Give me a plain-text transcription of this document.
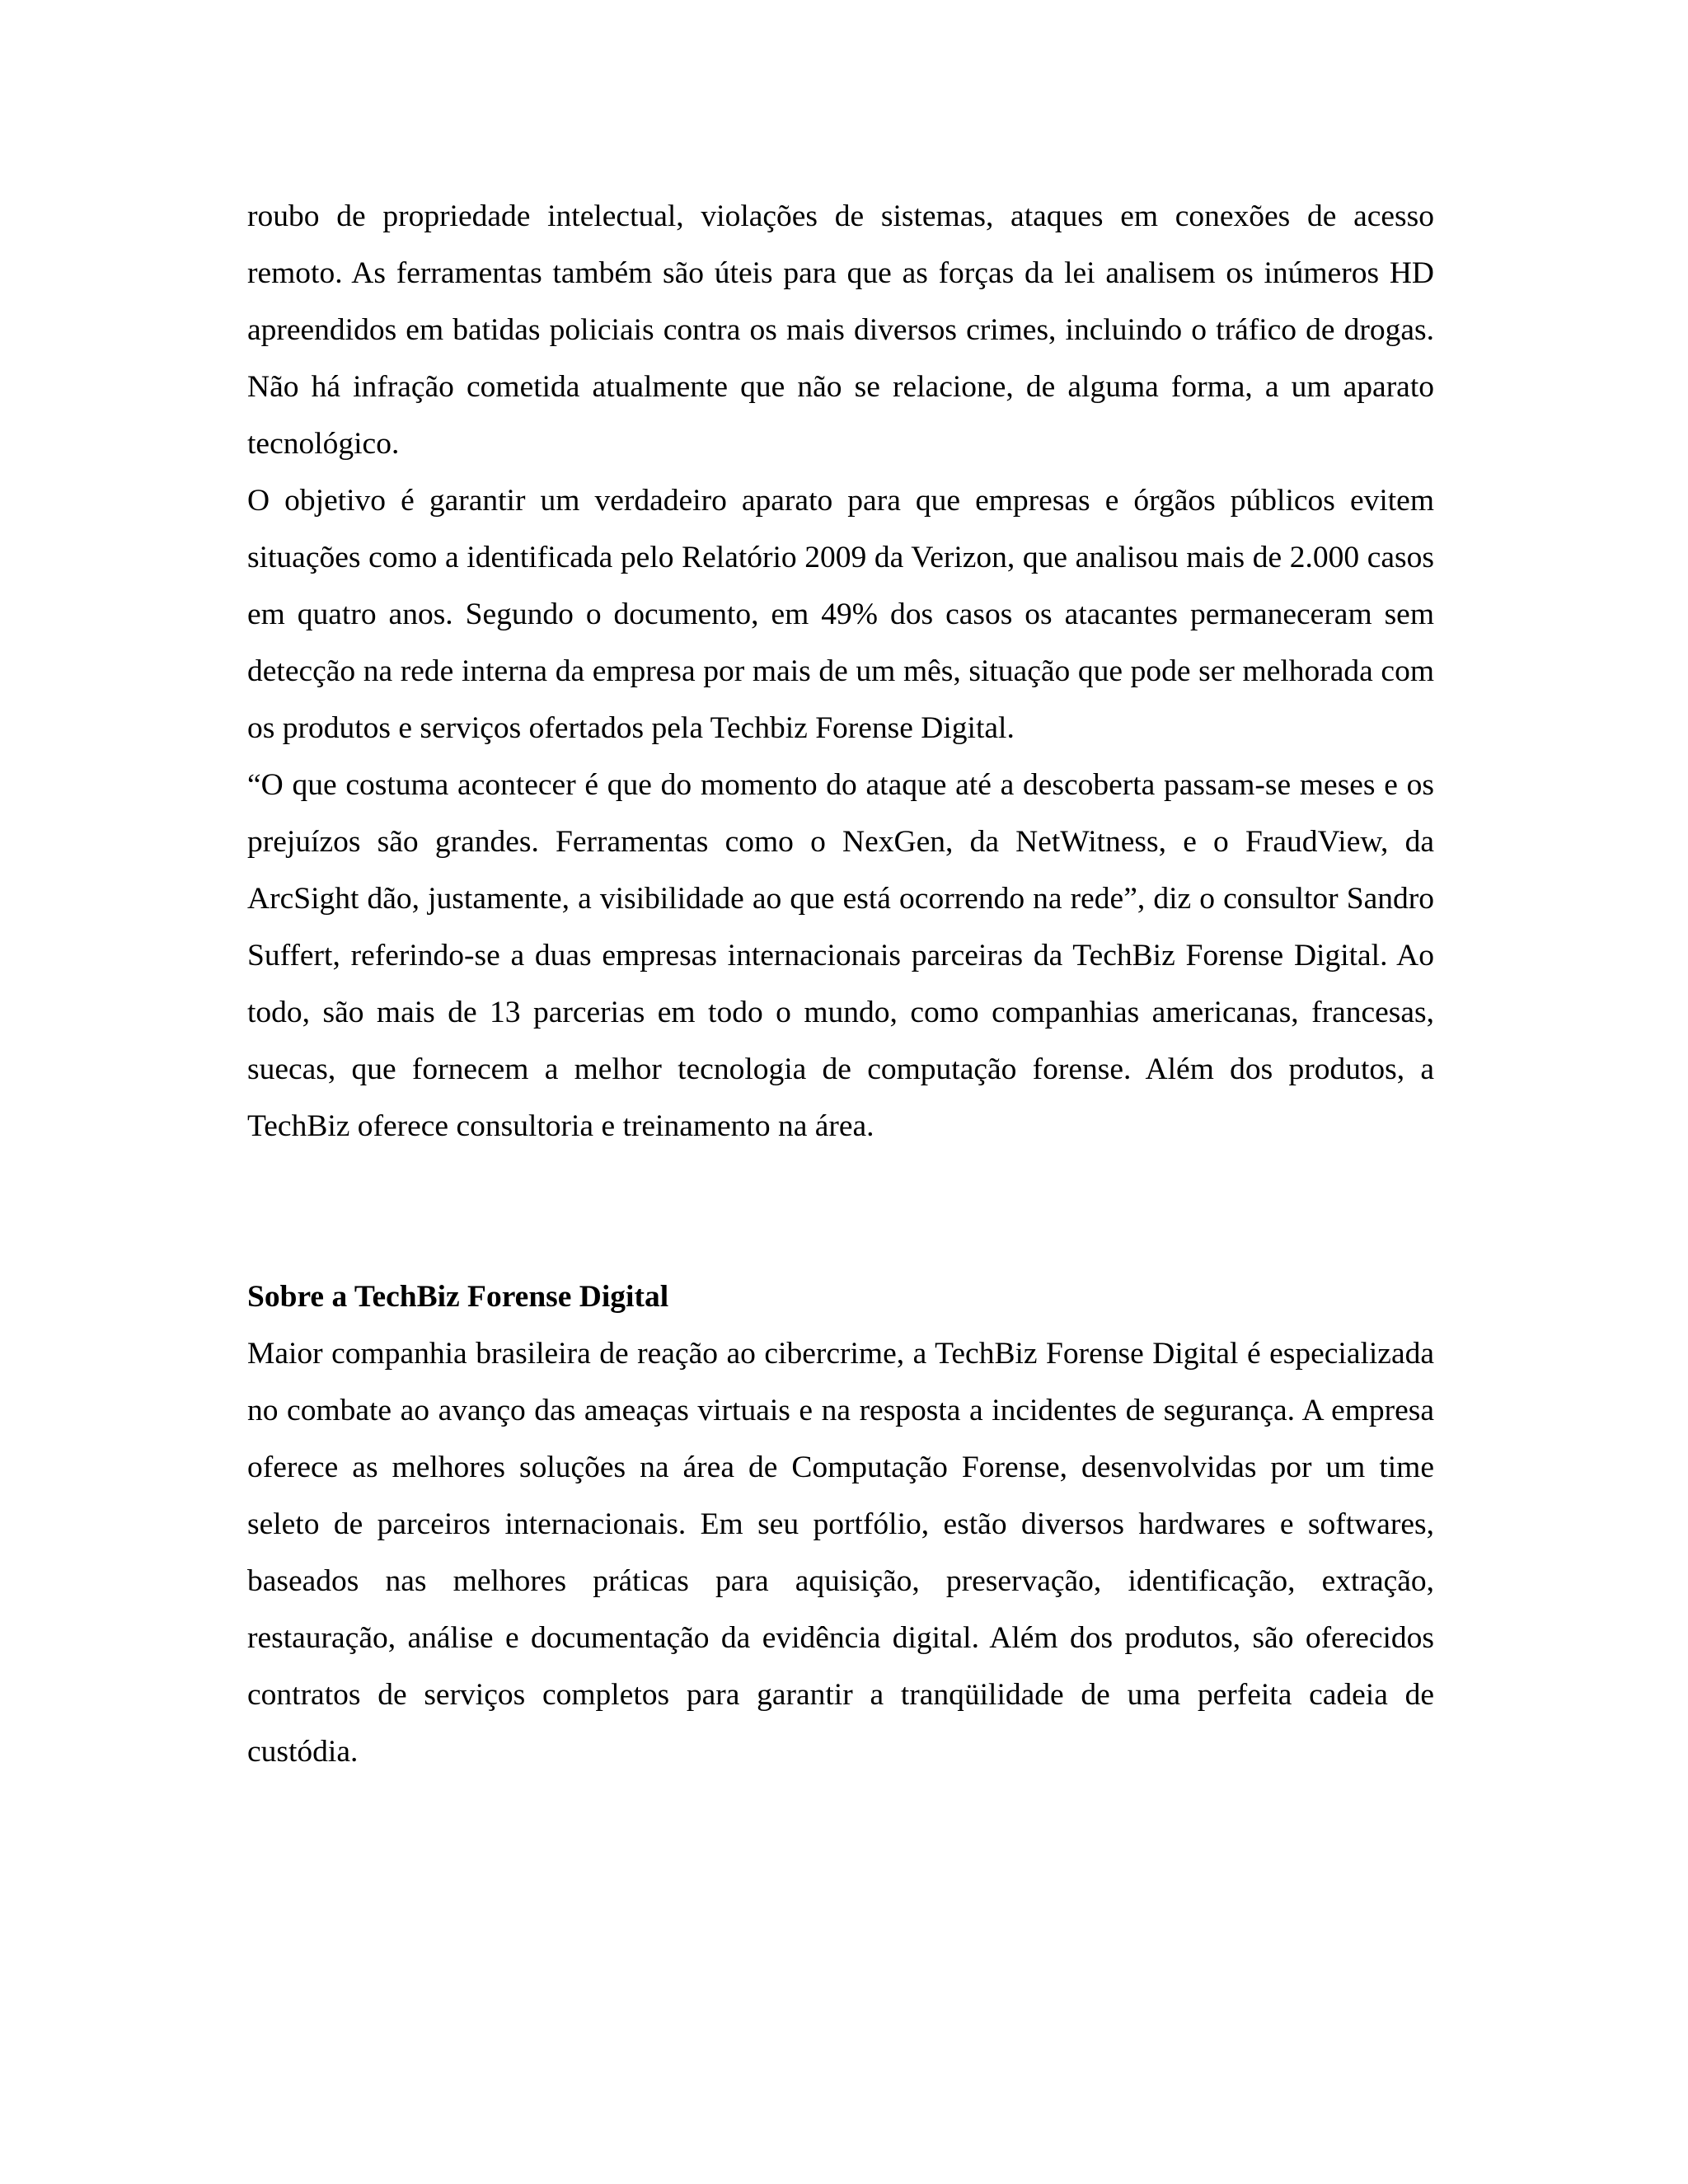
roubo de propriedade intelectual, violações de sistemas, ataques em conexões de acesso remoto. As ferramentas também são úteis para que as forças da lei analisem os inúmeros HD apreendidos em batidas policiais contra os mais diversos crimes, incluindo o tráfico de drogas. Não há infração cometida atualmente que não se relacione, de alguma forma, a um aparato tecnológico.

O objetivo é garantir um verdadeiro aparato para que empresas e órgãos públicos evitem situações como a identificada pelo Relatório 2009 da Verizon, que analisou mais de 2.000 casos em quatro anos. Segundo o documento, em 49% dos casos os atacantes permaneceram sem detecção na rede interna da empresa por mais de um mês, situação que pode ser melhorada com os produtos e serviços ofertados pela Techbiz Forense Digital.

“O que costuma acontecer é que do momento do ataque até a descoberta passam-se meses e os prejuízos são grandes. Ferramentas como o NexGen, da NetWitness, e o FraudView, da ArcSight dão, justamente, a visibilidade ao que está ocorrendo na rede”, diz o consultor Sandro Suffert, referindo-se a duas empresas internacionais parceiras da TechBiz Forense Digital. Ao todo, são mais de 13 parcerias em todo o mundo, como companhias americanas, francesas, suecas, que fornecem a melhor tecnologia de computação forense. Além dos produtos, a TechBiz oferece consultoria e treinamento na área.

Sobre a TechBiz Forense Digital

Maior companhia brasileira de reação ao cibercrime, a TechBiz Forense Digital é especializada no combate ao avanço das ameaças virtuais e na resposta a incidentes de segurança. A empresa oferece as melhores soluções na área de Computação Forense, desenvolvidas por um time seleto de parceiros internacionais. Em seu portfólio, estão diversos hardwares e softwares, baseados nas melhores práticas para aquisição, preservação, identificação, extração, restauração, análise e documentação da evidência digital. Além dos produtos, são oferecidos contratos de serviços completos para garantir a tranqüilidade de uma perfeita cadeia de custódia.
